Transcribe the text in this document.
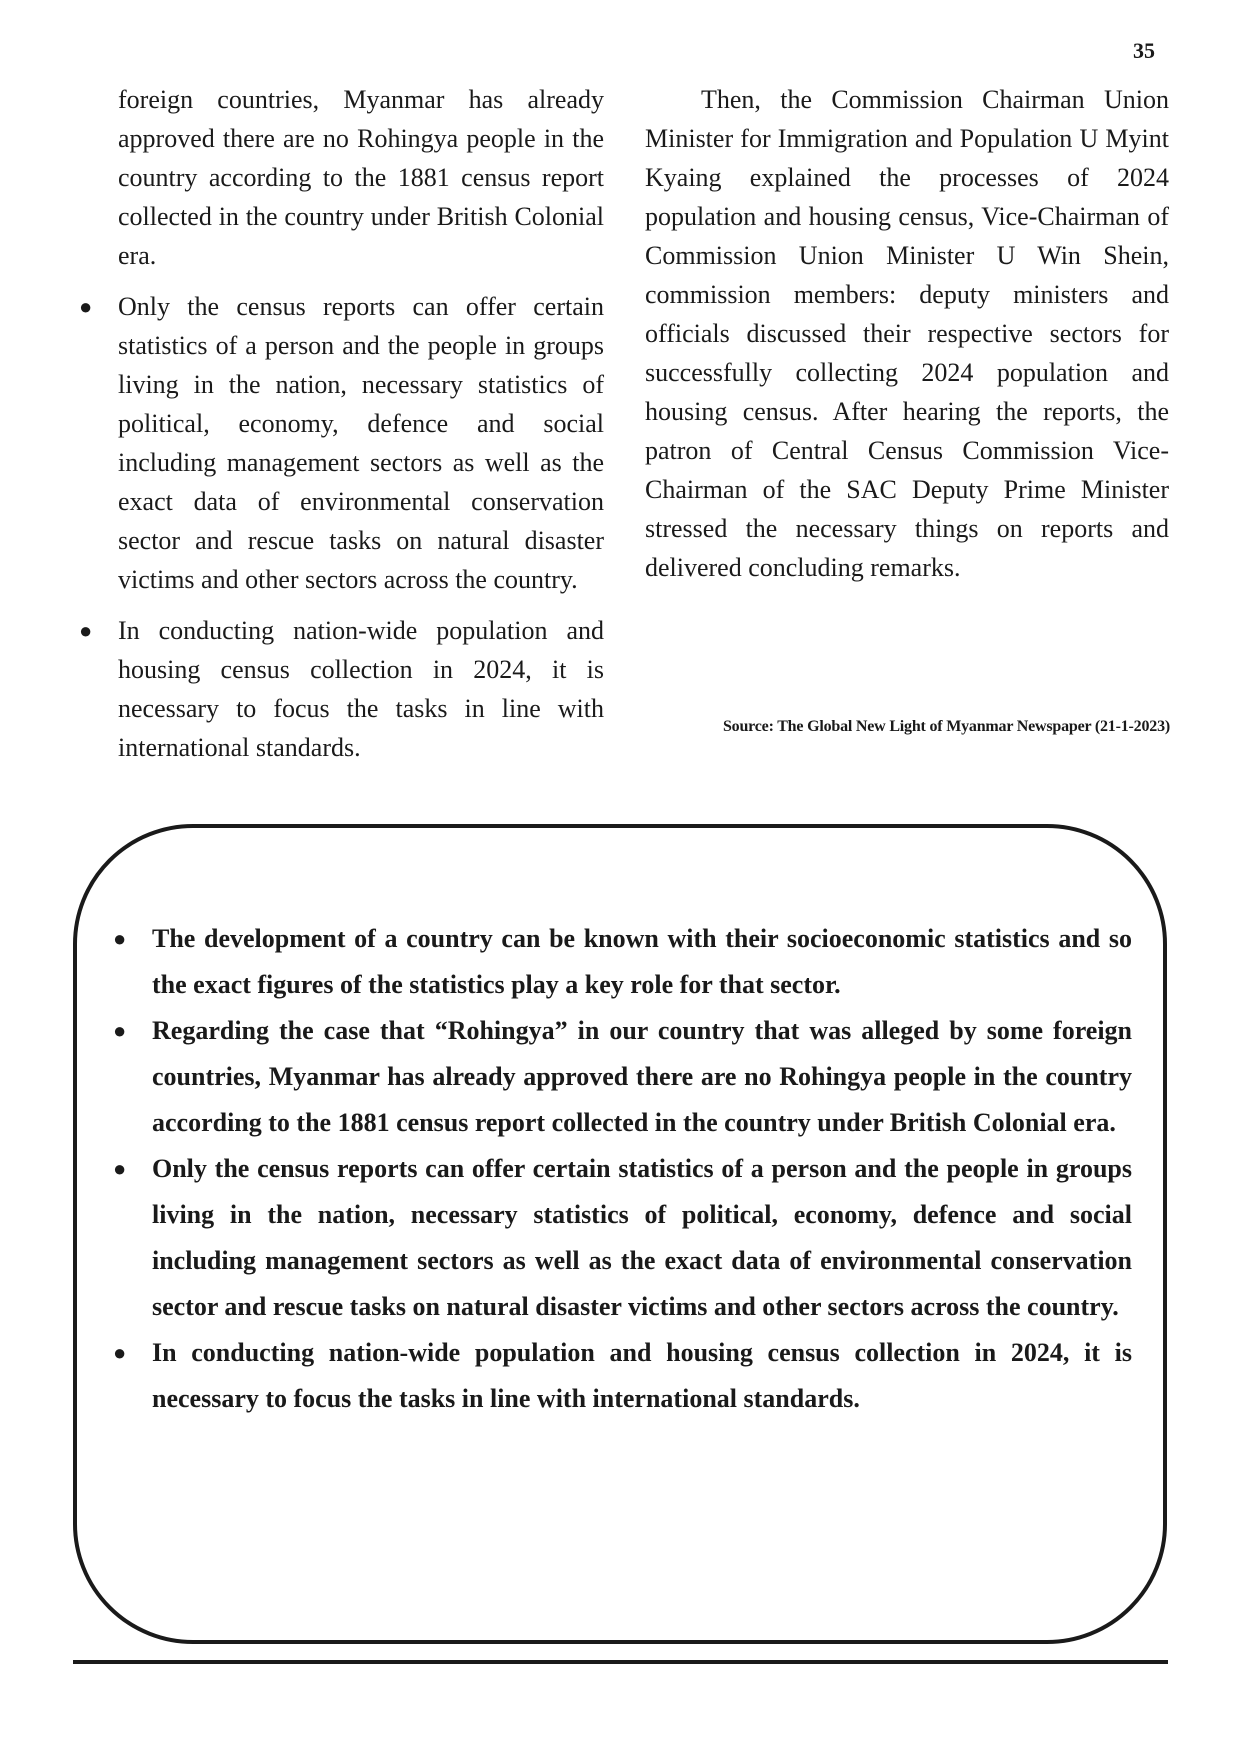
35

foreign countries, Myanmar has already approved there are no Rohingya people in the country according to the 1881 census report collected in the country under British Colonial era.

● Only the census reports can offer certain statistics of a person and the people in groups living in the nation, necessary statistics of political, economy, defence and social including management sectors as well as the exact data of environmental conservation sector and rescue tasks on natural disaster victims and other sectors across the country.
● In conducting nation-wide population and housing census collection in 2024, it is necessary to focus the tasks in line with international standards.

Then, the Commission Chairman Union Minister for Immigration and Population U Myint Kyaing explained the processes of 2024 population and housing census, Vice-Chairman of Commission Union Minister U Win Shein, commission members: deputy ministers and officials discussed their respective sectors for successfully collecting 2024 population and housing census. After hearing the reports, the patron of Central Census Commission Vice-Chairman of the SAC Deputy Prime Minister stressed the necessary things on reports and delivered concluding remarks.

Source: The Global New Light of Myanmar Newspaper (21-1-2023)
● The development of a country can be known with their socioeconomic statistics and so the exact figures of the statistics play a key role for that sector.
● Regarding the case that “Rohingya” in our country that was alleged by some foreign countries, Myanmar has already approved there are no Rohingya people in the country according to the 1881 census report collected in the country under British Colonial era.
● Only the census reports can offer certain statistics of a person and the people in groups living in the nation, necessary statistics of political, economy, defence and social including management sectors as well as the exact data of environmental conservation sector and rescue tasks on natural disaster victims and other sectors across the country.
● In conducting nation-wide population and housing census collection in 2024, it is necessary to focus the tasks in line with international standards.
